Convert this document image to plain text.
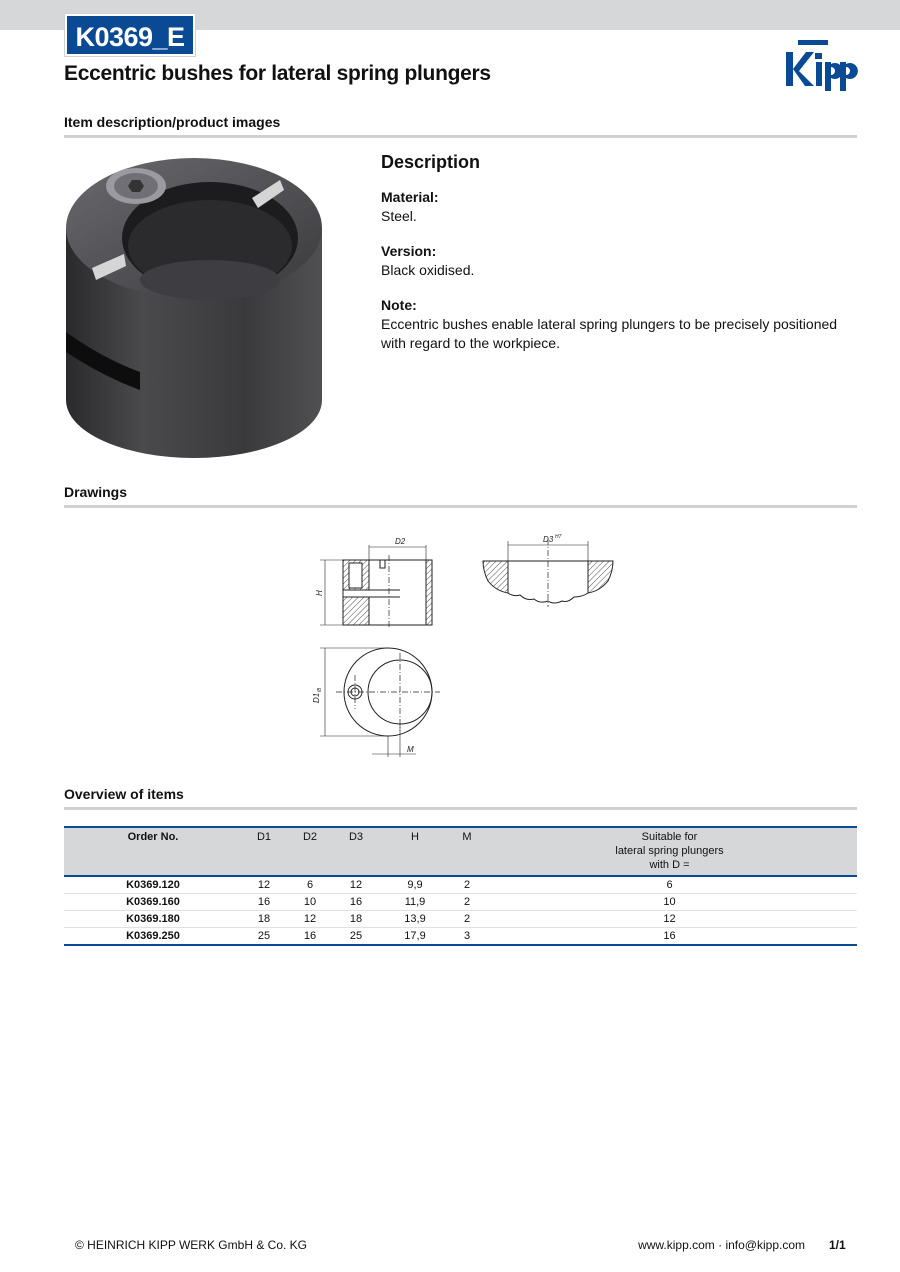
K0369_E
Eccentric bushes for lateral spring plungers
Item description/product images
Description

Material:

Steel.

Version:

Black oxidised.

Note:

Eccentric bushes enable lateral spring plungers to be precisely positioned with regard to the workpiece.

Drawings
D2
H
D1
f8
M
D3 H7
Overview of items
Order No.	D1	D2	D3	H	M	Suitable for
lateral spring plungers
with D =
K0369.120	12	6	12	9,9	2	6
K0369.160	16	10	16	11,9	2	10
K0369.180	18	12	18	13,9	2	12
K0369.250	25	16	25	17,9	3	16
© HEINRICH KIPP WERK GmbH & Co. KG	www.kipp.com · info@kipp.com 1/1
